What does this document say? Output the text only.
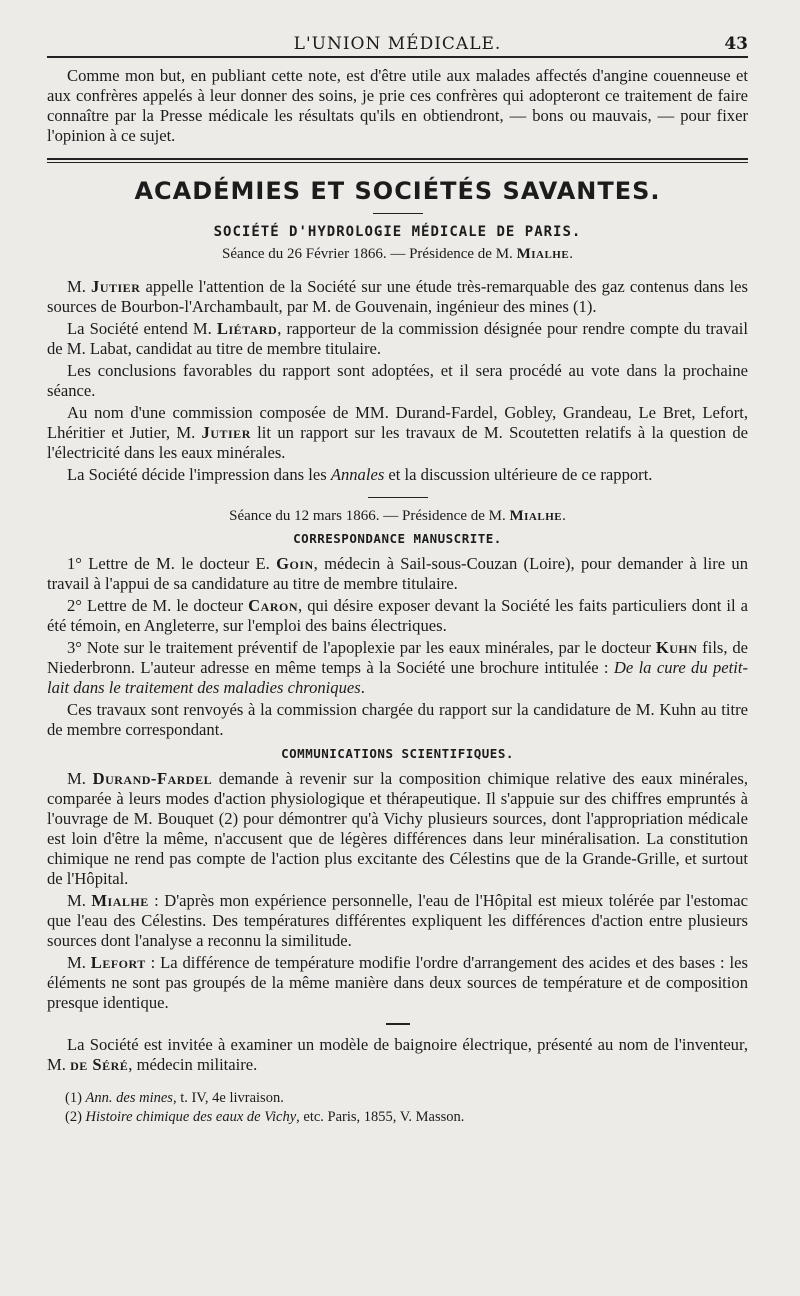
L'UNION MÉDICALE.	43

Comme mon but, en publiant cette note, est d'être utile aux malades affectés d'angine couenneuse et aux confrères appelés à leur donner des soins, je prie ces confrères qui adopteront ce traitement de faire connaître par la Presse médicale les résultats qu'ils en obtiendront, — bons ou mauvais, — pour fixer l'opinion à ce sujet.

ACADÉMIES ET SOCIÉTÉS SAVANTES.
SOCIÉTÉ D'HYDROLOGIE MÉDICALE DE PARIS.
Séance du 26 Février 1866. — Présidence de M. Mialhe.

M. Jutier appelle l'attention de la Société sur une étude très-remarquable des gaz contenus dans les sources de Bourbon-l'Archambault, par M. de Gouvenain, ingénieur des mines (1).

La Société entend M. Liétard, rapporteur de la commission désignée pour rendre compte du travail de M. Labat, candidat au titre de membre titulaire.

Les conclusions favorables du rapport sont adoptées, et il sera procédé au vote dans la prochaine séance.

Au nom d'une commission composée de MM. Durand-Fardel, Gobley, Grandeau, Le Bret, Lefort, Lhéritier et Jutier, M. Jutier lit un rapport sur les travaux de M. Scoutetten relatifs à la question de l'électricité dans les eaux minérales.

La Société décide l'impression dans les Annales et la discussion ultérieure de ce rapport.

Séance du 12 mars 1866. — Présidence de M. Mialhe.
CORRESPONDANCE MANUSCRITE.

1° Lettre de M. le docteur E. Goin, médecin à Sail-sous-Couzan (Loire), pour demander à lire un travail à l'appui de sa candidature au titre de membre titulaire.

2° Lettre de M. le docteur Caron, qui désire exposer devant la Société les faits particuliers dont il a été témoin, en Angleterre, sur l'emploi des bains électriques.

3° Note sur le traitement préventif de l'apoplexie par les eaux minérales, par le docteur Kuhn fils, de Niederbronn. L'auteur adresse en même temps à la Société une brochure intitulée : De la cure du petit-lait dans le traitement des maladies chroniques.

Ces travaux sont renvoyés à la commission chargée du rapport sur la candidature de M. Kuhn au titre de membre correspondant.

COMMUNICATIONS SCIENTIFIQUES.

M. Durand-Fardel demande à revenir sur la composition chimique relative des eaux minérales, comparée à leurs modes d'action physiologique et thérapeutique. Il s'appuie sur des chiffres empruntés à l'ouvrage de M. Bouquet (2) pour démontrer qu'à Vichy plusieurs sources, dont l'appropriation médicale est loin d'être la même, n'accusent que de légères différences dans leur minéralisation. La constitution chimique ne rend pas compte de l'action plus excitante des Célestins que de la Grande-Grille, et surtout de l'Hôpital.

M. Mialhe : D'après mon expérience personnelle, l'eau de l'Hôpital est mieux tolérée par l'estomac que l'eau des Célestins. Des températures différentes expliquent les différences d'action entre plusieurs sources dont l'analyse a reconnu la similitude.

M. Lefort : La différence de température modifie l'ordre d'arrangement des acides et des bases : les éléments ne sont pas groupés de la même manière dans deux sources de température et de composition presque identique.

La Société est invitée à examiner un modèle de baignoire électrique, présenté au nom de l'inventeur, M. de Séré, médecin militaire.

(1) Ann. des mines, t. IV, 4e livraison.

(2) Histoire chimique des eaux de Vichy, etc. Paris, 1855, V. Masson.
